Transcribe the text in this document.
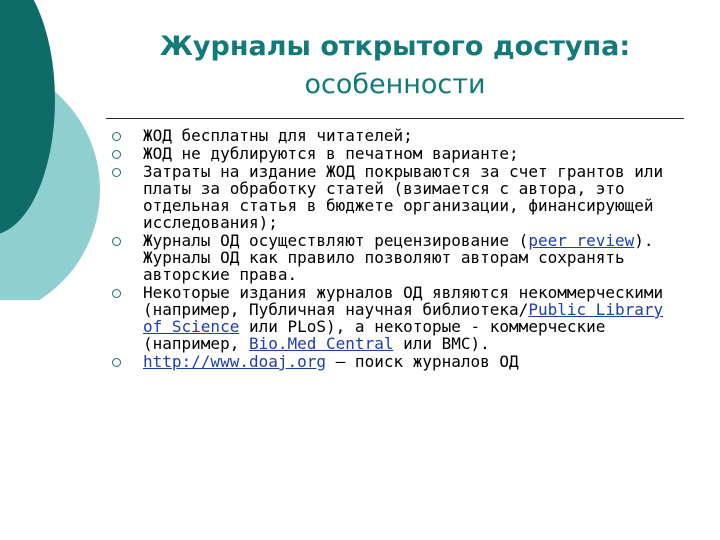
Журналы открытого доступа:
особенности
ЖОД бесплатны для читателей;
ЖОД не дублируются в печатном варианте;
Затраты на издание ЖОД покрываются за счет грантов или платы за обработку статей (взимается с автора, это отдельная статья в бюджете организации, финансирующей исследования);
Журналы ОД осуществляют рецензирование (peer review). Журналы ОД как правило позволяют авторам сохранять авторские права.
Некоторые издания журналов ОД являются некоммерческими (например, Публичная научная библиотека/Public Library of Science или PLoS), а некоторые - коммерческие (например, Bio.Med Central или BMC).
http://www.doaj.org – поиск журналов ОД
